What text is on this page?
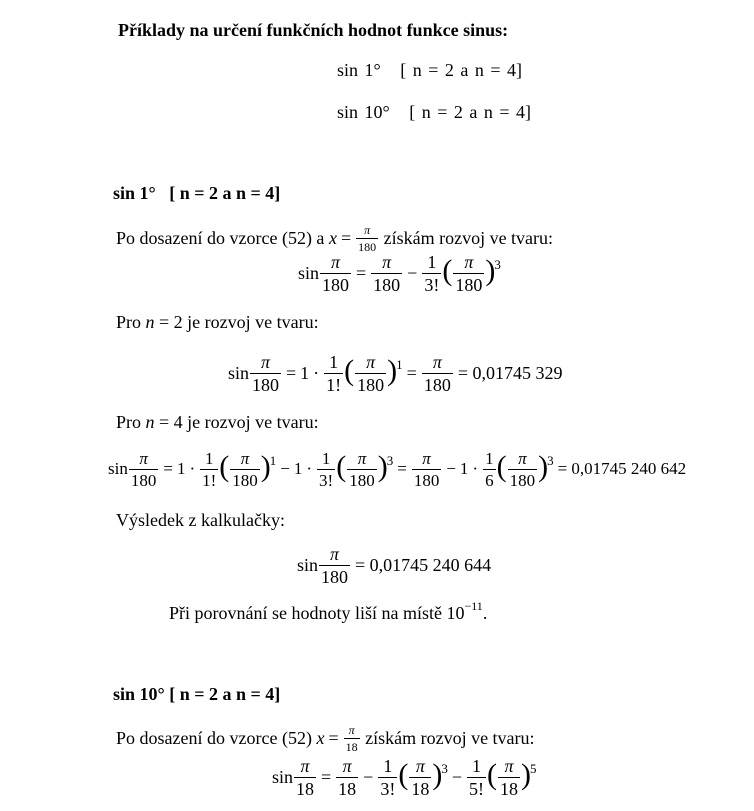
Příklady na určení funkčních hodnot funkce sinus:
sin 1°   [ n = 2 a n = 4]
sin 10°   [ n = 2 a n = 4]
sin 1°   [ n = 2 a n = 4]
Po dosazení do vzorce (52) a $x = \frac{\pi}{180}$ získám rozvoj ve tvaru:
$\sin \frac{\pi}{180} = \frac{\pi}{180} - \frac{1}{3!}$ ( π
180 ) 3
Pro n = 2 je rozvoj ve tvaru:
$\sin \frac{\pi}{180} = 1$ ·
1
1! ( π
180 ) $1 = \frac{\pi}{180} = 0,01745$ 329
Pro n = 4 je rozvoj ve tvaru:
$\sin \frac{\pi}{180} = 1$ ·
1
1! ( π
180 ) 1 − 1 ·
1
3! ( π
180 ) $3 = \frac{\pi}{180} - 1$ ·
1
6 ( π
180 ) 3 = 0,01745 240 642
Výsledek z kalkulačky:
$\sin \frac{\pi}{180} = 0,01745$ 240 644
Při porovnání se hodnoty liší na místě $10^{-11}$.
sin 10° [ n = 2 a n = 4]
Po dosazení do vzorce (52) $x = \frac{\pi}{18}$ získám rozvoj ve tvaru:
$\sin \frac{\pi}{18} = \frac{\pi}{18} - \frac{1}{3!}$ ( π
18 ) $3 - \frac{1}{5!}$ ( π
18 ) 5
